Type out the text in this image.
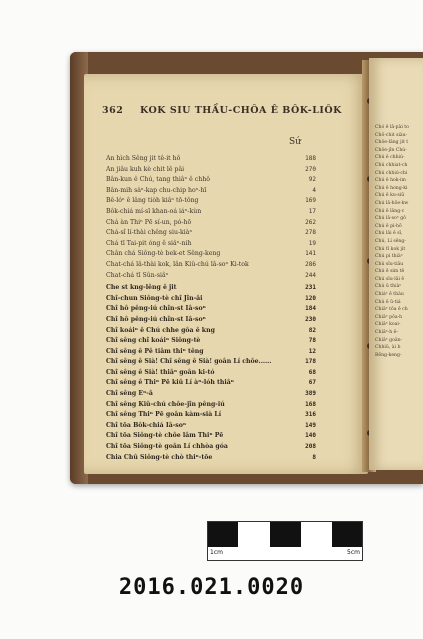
362 KOK SIU THẦU-CHÔA Ê BÔK-LIÔK
Sứ
An hìch Sêng jit tê-it hô	188
An jiâu kuh kè chit lê pâi	270
Bân-kun ê Chú, tang thiâⁿ ê chhô	92
Bân-mih sa̍ⁿ-kap chu-chip hoⁿ-hī	4
Bê-lóⁿ ê lâng tiòh kiâⁿ tō-tông	169
Bôk-chiá mí-sī khan-oá iáⁿ-kùn	17
Chá àn Thiⁿ Pē sí-un, pó-hō	262
Chá-sî lí-thài chêng siu-kiàⁿ	278
Chá tī Tai-pit óng ê siâⁿ-nih	19
Chân chá Siông-tè bek-et Sêng-keng	141
Chat-chá lâ-thài kok, lân Kiû-chú lâ-soⁿ Ki-tok	286
Chat-chá tī Sûn-siâⁿ	244
Che st kng-lêng ê jit	231
Chî-chun Siông-tè chî Jîn-âi	120
Chî hô pêng-iú chîn-st Iâ-soⁿ	184
Chî hô pêng-iú chîn-st Iâ-soⁿ	230
Chî koáiⁿ ê Chú chhe gôa ê kng	82
Chî sêng chî koáiⁿ Siông-tè	78
Chî sêng ê Pê tiâm thiⁿ têng	12
Chî sêng ê Sià! Chî sêng ê Sià! goân Lí chôe......	178
Chî sêng ê Sià! thiâⁿ goân ki-tó	68
Chî sêng ê Thiⁿ Pē kiû Lí àⁿ-lóh thiâⁿ	67
Chî sêng Eⁿ-â	389
Chî sêng Kiû-chú chôe-jîn pêng-iú	168
Chî sêng Thiⁿ Pē goân kàm-sià Lí	316
Chî tōa Bôk-chiá Iâ-soⁿ	149
Chî tōa Siông-tè chôe lâm Thiⁿ Pē	140
Chî tōa Siông-tè goân Lí chhòa góa	208
Chia Chû Siông-tè chò thiⁿ-tōe	8
Chó ê lâ-pài to
Chô-chit siàu-
Chôe-lâng jit t
Chôe-jîn Chú-
Chú ê chhiú-
Chú chhiat-ch
Chú chhiú-chi
Chú ê hok-im
Chú ê hong-ki
Chú ê ku-siū
Chú lâ-hōe-kw
Chú ê lâng-c
Chú lâ-soⁿ gô
Chú ê pì-hō
Chú lâi ê sī,
Chú, Lí sēng-
Chú tī kok jit
Chú pì thiàⁿ
Chú sīu-tiâu
Chú ê sim tê
Chú sīu-lâi ê
Chú ū thiàⁿ
Chiáⁿ ê thàu
Chú ê ū-tiá
Chiâⁿ tōa ê ch
Chiâⁿ pōa-h
Chiâⁿ koai-
Chiâⁿ-h ê-
Chiâⁿ goân-
Chhiû, ài b
Bēng-keng-
1cm	5cm
2016.021.0020
